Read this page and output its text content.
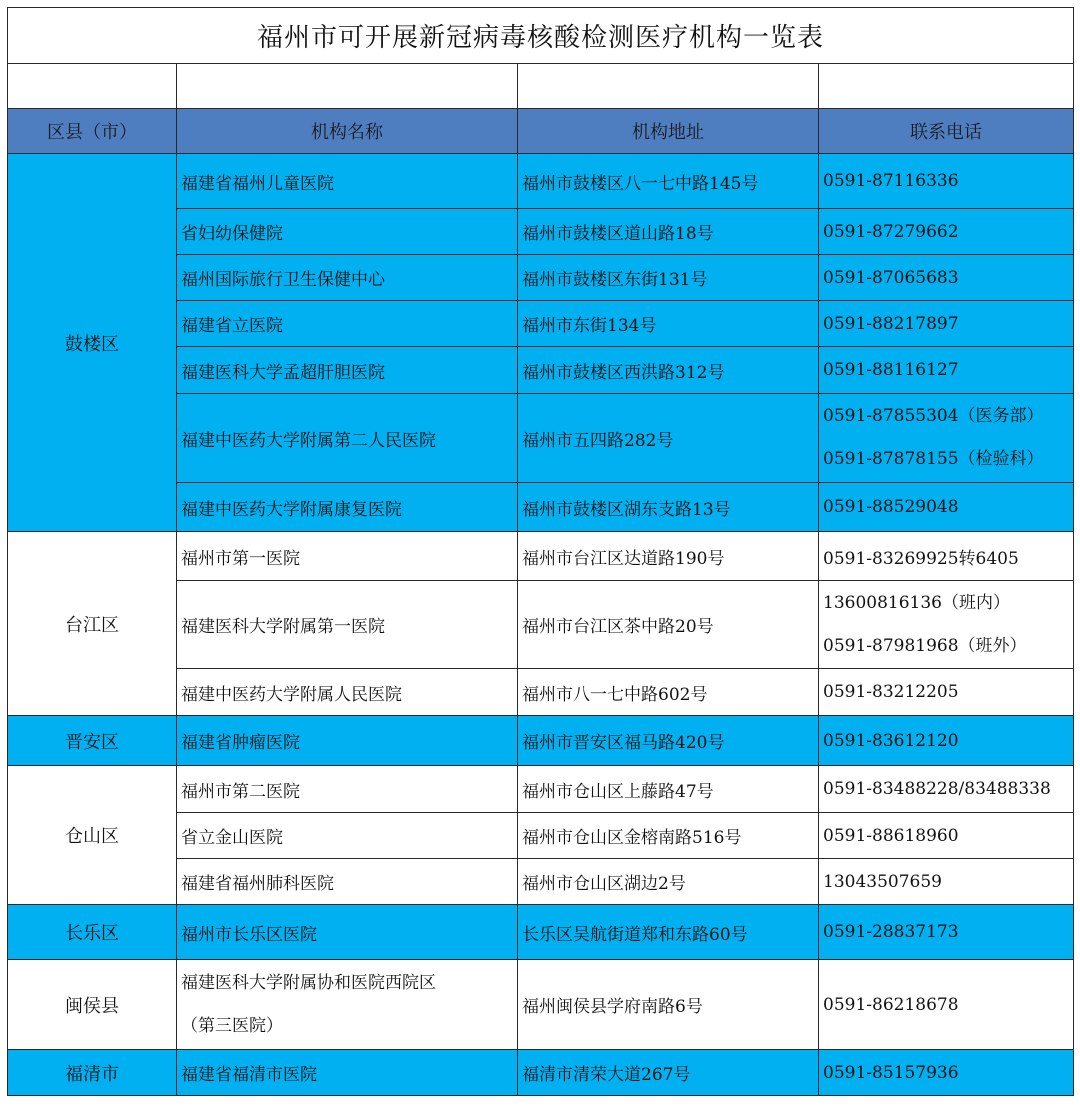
福州市可开展新冠病毒核酸检测医疗机构一览表			

区县（市）	机构名称	机构地址	联系电话
鼓楼区	福建省福州儿童医院	福州市鼓楼区八一七中路145号	0591-87116336

	省妇幼保健院	福州市鼓楼区道山路18号	0591-87279662

	福州国际旅行卫生保健中心	福州市鼓楼区东街131号	0591-87065683

	福建省立医院	福州市东街134号	0591-88217897

	福建医科大学孟超肝胆医院	福州市鼓楼区西洪路312号	0591-88116127

	福建中医药大学附属第二人民医院	福州市五四路282号	0591-87855304（医务部）
0591-87878155（检验科）

	福建中医药大学附属康复医院	福州市鼓楼区湖东支路13号	0591-88529048

台江区	福州市第一医院	福州市台江区达道路190号	0591-83269925转6405

	福建医科大学附属第一医院	福州市台江区茶中路20号	13600816136（班内）
0591-87981968（班外）

	福建中医药大学附属人民医院	福州市八一七中路602号	0591-83212205

晋安区	福建省肿瘤医院	福州市晋安区福马路420号	0591-83612120

仓山区	福州市第二医院	福州市仓山区上藤路47号	0591-83488228/83488338

	省立金山医院	福州市仓山区金榕南路516号	0591-88618960

	福建省福州肺科医院	福州市仓山区湖边2号	13043507659

长乐区	福州市长乐区医院	长乐区吴航街道郑和东路60号	0591-28837173

闽侯县	福建医科大学附属协和医院西院区
（第三医院）	福州闽侯县学府南路6号	0591-86218678

福清市	福建省福清市医院	福清市清荣大道267号	0591-85157936
